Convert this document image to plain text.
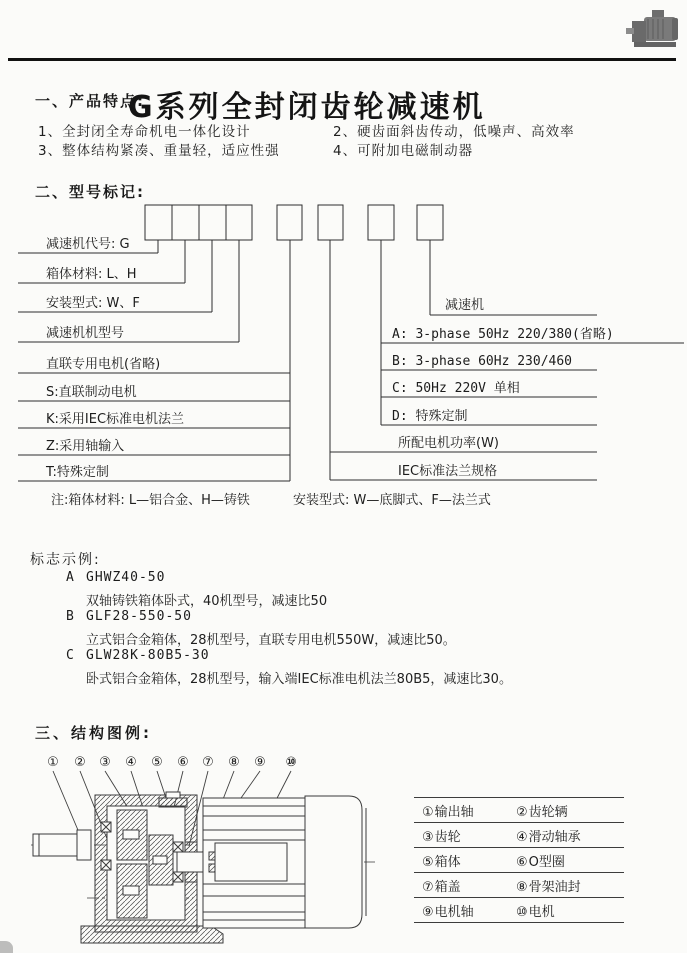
G系列全封闭齿轮减速机
一、产品特点:
1、全封闭全寿命机电一体化设计	2、硬齿面斜齿传动，低噪声、高效率
3、整体结构紧凑、重量轻，适应性强	4、可附加电磁制动器
二、型号标记:
减速机代号: G
箱体材料: L、H
安装型式: W、F
减速机机型号
直联专用电机(省略)
S:直联制动电机
K:采用IEC标准电机法兰
Z:采用轴输入
T:特殊定制
减速机
A: 3-phase 50Hz 220/380(省略)
B: 3-phase 60Hz 230/460
C: 50Hz 220V 单相
D: 特殊定制
所配电机功率(W)
IEC标准法兰规格
注:箱体材料: L—铝合金、H—铸铁	安装型式: W—底脚式、F—法兰式
标志示例:
A GHWZ40-50
双轴铸铁箱体卧式，40机型号，减速比50
B GLF28-550-50
立式铝合金箱体，28机型号，直联专用电机550W，减速比50。
C GLW28K-80B5-30
卧式铝合金箱体，28机型号，输入端IEC标准电机法兰80B5，减速比30。
三、结构图例:
① ② ③ ④ ⑤ ⑥ ⑦ ⑧ ⑨ ⑩
①输出轴	②齿轮辆
③齿轮	④滑动轴承
⑤箱体	⑥O型圈
⑦箱盖	⑧骨架油封
⑨电机轴	⑩电机
